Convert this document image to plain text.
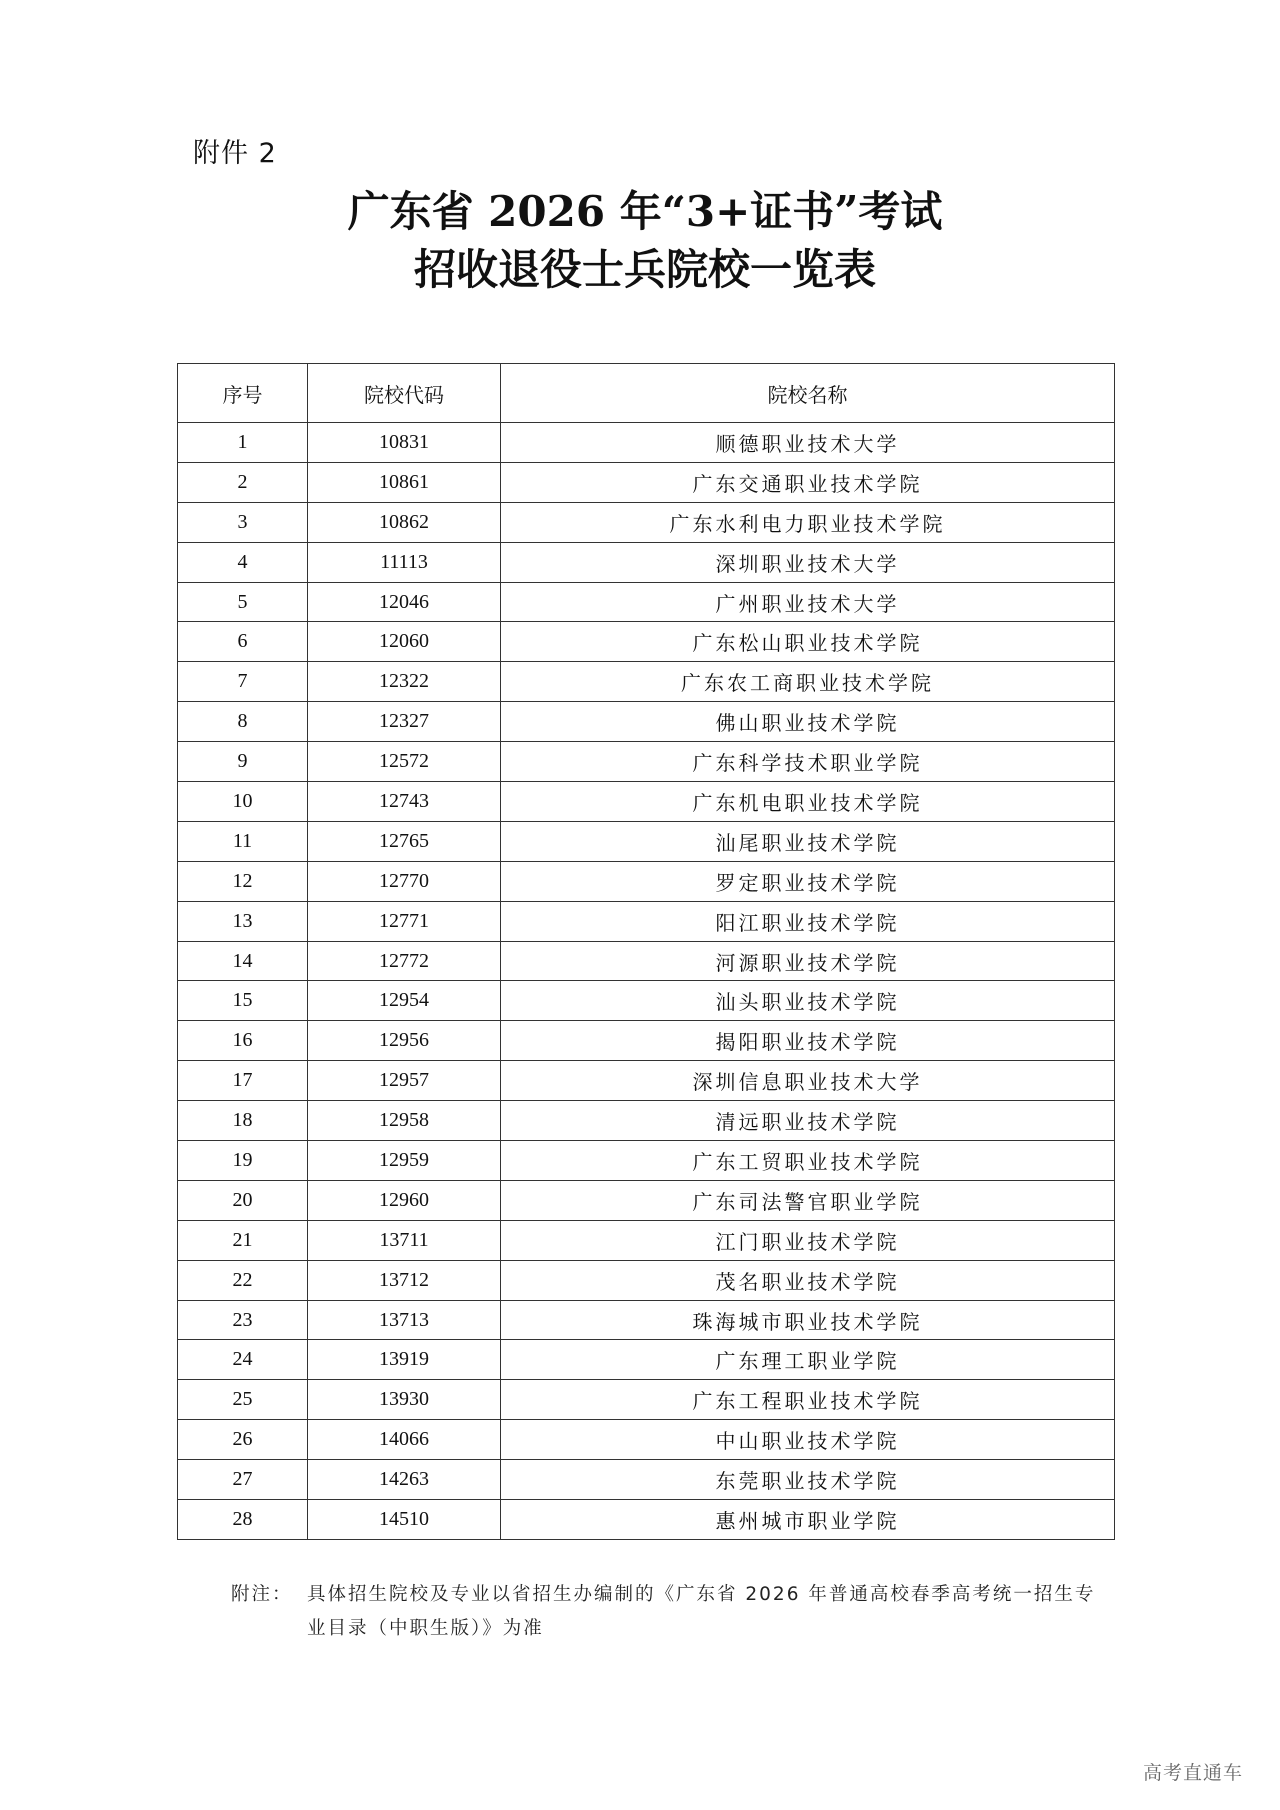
附件 2
广东省 2026 年“3+证书”考试
招收退役士兵院校一览表
序号	院校代码	院校名称
1	10831	顺德职业技术大学
2	10861	广东交通职业技术学院
3	10862	广东水利电力职业技术学院
4	11113	深圳职业技术大学
5	12046	广州职业技术大学
6	12060	广东松山职业技术学院
7	12322	广东农工商职业技术学院
8	12327	佛山职业技术学院
9	12572	广东科学技术职业学院
10	12743	广东机电职业技术学院
11	12765	汕尾职业技术学院
12	12770	罗定职业技术学院
13	12771	阳江职业技术学院
14	12772	河源职业技术学院
15	12954	汕头职业技术学院
16	12956	揭阳职业技术学院
17	12957	深圳信息职业技术大学
18	12958	清远职业技术学院
19	12959	广东工贸职业技术学院
20	12960	广东司法警官职业学院
21	13711	江门职业技术学院
22	13712	茂名职业技术学院
23	13713	珠海城市职业技术学院
24	13919	广东理工职业学院
25	13930	广东工程职业技术学院
26	14066	中山职业技术学院
27	14263	东莞职业技术学院
28	14510	惠州城市职业学院
附注： 具体招生院校及专业以省招生办编制的《广东省 2026 年普通高校春季高考统一招生专业目录（中职生版）》为准
高考直通车
